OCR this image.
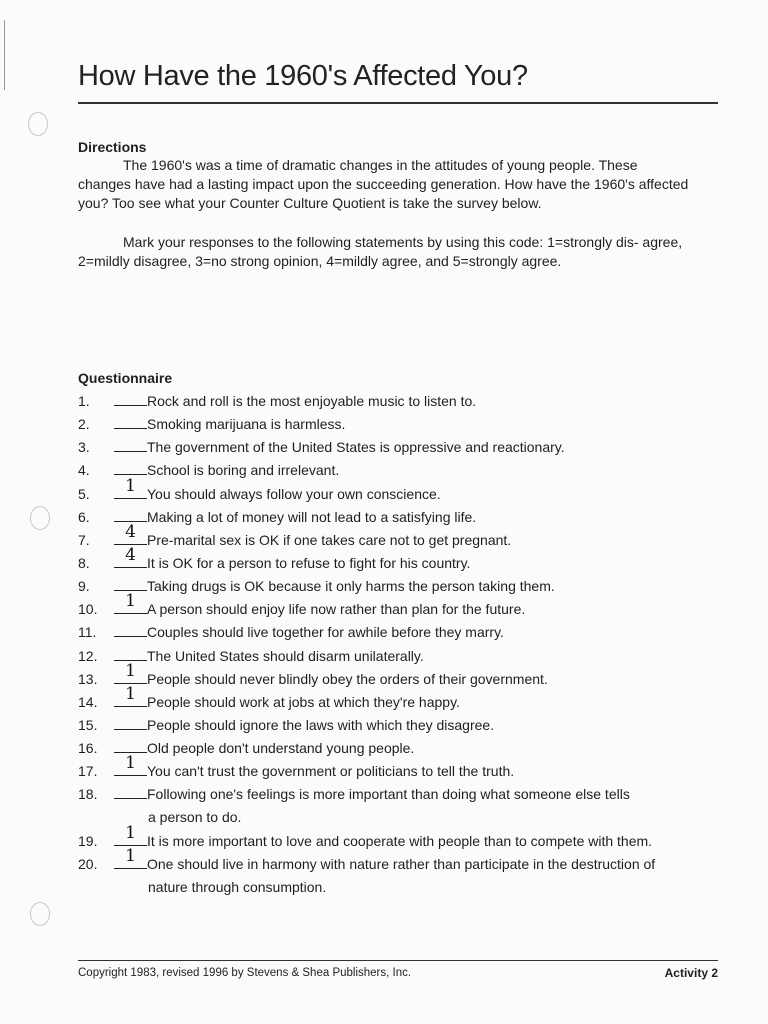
How Have the 1960's Affected You?
Directions
The 1960's was a time of dramatic changes in the attitudes of young people. These changes have had a lasting impact upon the succeeding generation. How have the 1960's affected you? Too see what your Counter Culture Quotient is take the survey below.
Mark your responses to the following statements by using this code: 1=strongly dis- agree, 2=mildly disagree, 3=no strong opinion, 4=mildly agree, and 5=strongly agree.
Questionnaire
1.	Rock and roll is the most enjoyable music to listen to.
2.	Smoking marijuana is harmless.
3.	The government of the United States is oppressive and reactionary.
4.	School is boring and irrelevant.
5.	1 You should always follow your own conscience.
6.	Making a lot of money will not lead to a satisfying life.
7.	4 Pre-marital sex is OK if one takes care not to get pregnant.
8.	4 It is OK for a person to refuse to fight for his country.
9.	Taking drugs is OK because it only harms the person taking them.
10.	1 A person should enjoy life now rather than plan for the future.
11.	Couples should live together for awhile before they marry.
12.	The United States should disarm unilaterally.
13.	1 People should never blindly obey the orders of their government.
14.	1 People should work at jobs at which they're happy.
15.	People should ignore the laws with which they disagree.
16.	Old people don't understand young people.
17.	1 You can't trust the government or politicians to tell the truth.
18.	Following one's feelings is more important than doing what someone else tells
a person to do.
19.	1 It is more important to love and cooperate with people than to compete with them.
20.	1 One should live in harmony with nature rather than participate in the destruction of
nature through consumption.
Copyright 1983, revised 1996 by Stevens & Shea Publishers, Inc.	Activity 2
